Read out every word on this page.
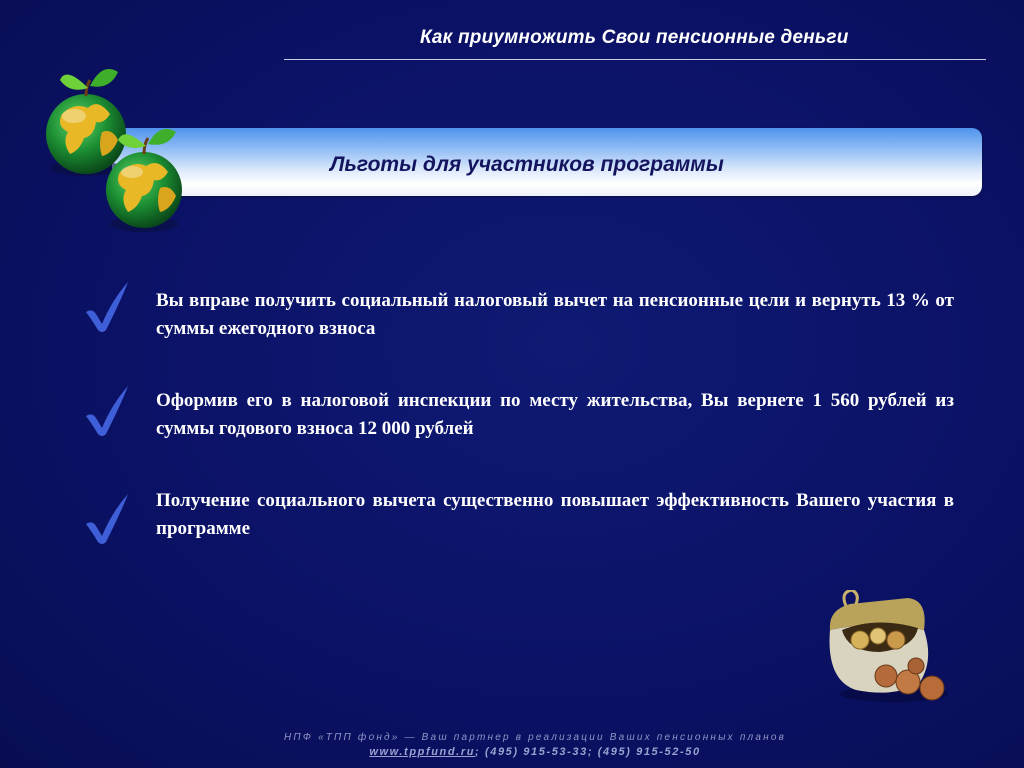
Как приумножить Свои пенсионные деньги
Льготы для участников программы
Вы вправе получить социальный налоговый вычет на пенсионные цели и вернуть 13 % от суммы ежегодного взноса
Оформив его в налоговой инспекции по месту жительства, Вы вернете 1 560 рублей из суммы годового взноса 12 000 рублей
Получение социального вычета существенно повышает эффективность Вашего участия в программе
НПФ «ТПП фонд» — Ваш партнер в реализации Ваших пенсионных планов
www.tppfund.ru; (495) 915-53-33; (495) 915-52-50
